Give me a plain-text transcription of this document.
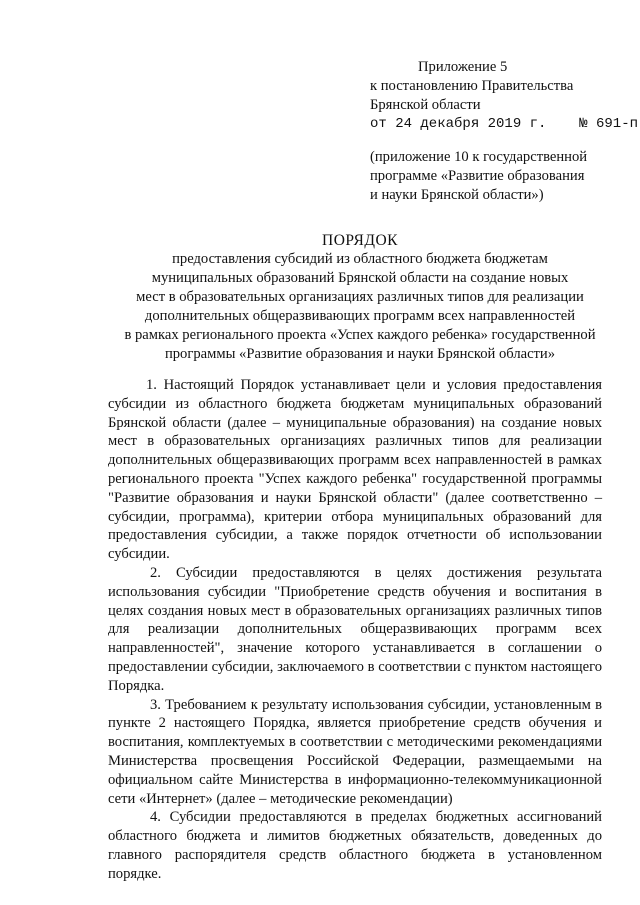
Приложение 5
к постановлению Правительства
Брянской области
от 24 декабря 2019 г. № 691-п
(приложение 10 к государственной
программе «Развитие образования
и науки Брянской области»)
ПОРЯДОК
предоставления субсидий из областного бюджета бюджетам
муниципальных образований Брянской области на создание новых
мест в образовательных организациях различных типов для реализации
дополнительных общеразвивающих программ всех направленностей
в рамках регионального проекта «Успех каждого ребенка» государственной
программы «Развитие образования и науки Брянской области»

1. Настоящий Порядок устанавливает цели и условия предоставления субсидии из областного бюджета бюджетам муниципальных образований Брянской области (далее – муниципальные образования) на создание новых мест в образовательных организациях различных типов для реализации дополнительных общеразвивающих программ всех направленностей в рамках регионального проекта "Успех каждого ребенка" государственной программы "Развитие образования и науки Брянской области" (далее соответственно – субсидии, программа), критерии отбора муниципальных образований для предоставления субсидии, а также порядок отчетности об использовании субсидии.

2. Субсидии предоставляются в целях достижения результата использования субсидии "Приобретение средств обучения и воспитания в целях создания новых мест в образовательных организациях различных типов для реализации дополнительных общеразвивающих программ всех направленностей", значение которого устанавливается в соглашении о предоставлении субсидии, заключаемого в соответствии с пунктом настоящего Порядка.

3. Требованием к результату использования субсидии, установленным в пункте 2 настоящего Порядка, является приобретение средств обучения и воспитания, комплектуемых в соответствии с методическими рекомендациями Министерства просвещения Российской Федерации, размещаемыми на официальном сайте Министерства в информационно-телекоммуникационной сети «Интернет» (далее – методические рекомендации)

4. Субсидии предоставляются в пределах бюджетных ассигнований областного бюджета и лимитов бюджетных обязательств, доведенных до главного распорядителя средств областного бюджета в установленном порядке.
